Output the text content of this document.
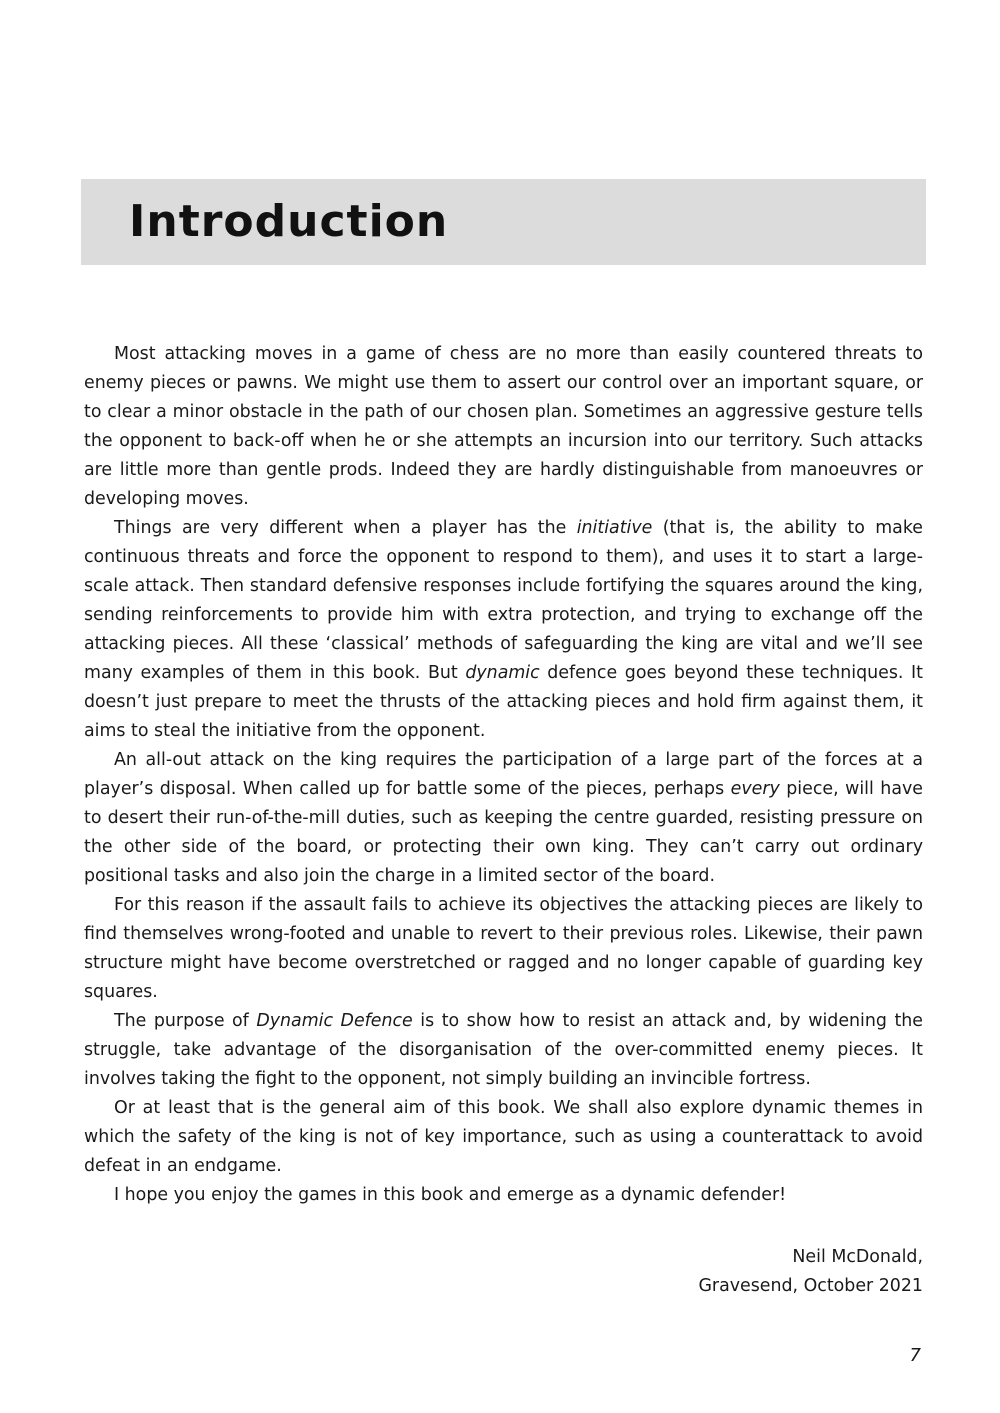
Introduction

Most attacking moves in a game of chess are no more than easily countered threats to enemy pieces or pawns. We might use them to assert our control over an important square, or to clear a minor obstacle in the path of our chosen plan. Sometimes an aggressive gesture tells the opponent to back-off when he or she attempts an incursion into our territory. Such attacks are little more than gentle prods. Indeed they are hardly distinguishable from manoeuvres or developing moves.

Things are very different when a player has the initiative (that is, the ability to make continuous threats and force the opponent to respond to them), and uses it to start a large-scale attack. Then standard defensive responses include fortifying the squares around the king, sending reinforcements to provide him with extra protection, and trying to exchange off the attacking pieces. All these ‘classical’ methods of safeguarding the king are vital and we’ll see many examples of them in this book. But dynamic defence goes beyond these techniques. It doesn’t just prepare to meet the thrusts of the attacking pieces and hold firm against them, it aims to steal the initiative from the opponent.

An all-out attack on the king requires the participation of a large part of the forces at a player’s disposal. When called up for battle some of the pieces, perhaps every piece, will have to desert their run-of-the-mill duties, such as keeping the centre guarded, resisting pressure on the other side of the board, or protecting their own king. They can’t carry out ordinary positional tasks and also join the charge in a limited sector of the board.

For this reason if the assault fails to achieve its objectives the attacking pieces are likely to find themselves wrong-footed and unable to revert to their previous roles. Likewise, their pawn structure might have become overstretched or ragged and no longer capable of guarding key squares.

The purpose of Dynamic Defence is to show how to resist an attack and, by widening the struggle, take advantage of the disorganisation of the over-committed enemy pieces. It involves taking the fight to the opponent, not simply building an invincible fortress.

Or at least that is the general aim of this book. We shall also explore dynamic themes in which the safety of the king is not of key importance, such as using a counterattack to avoid defeat in an endgame.

I hope you enjoy the games in this book and emerge as a dynamic defender!

Neil McDonald,
Gravesend, October 2021
7
